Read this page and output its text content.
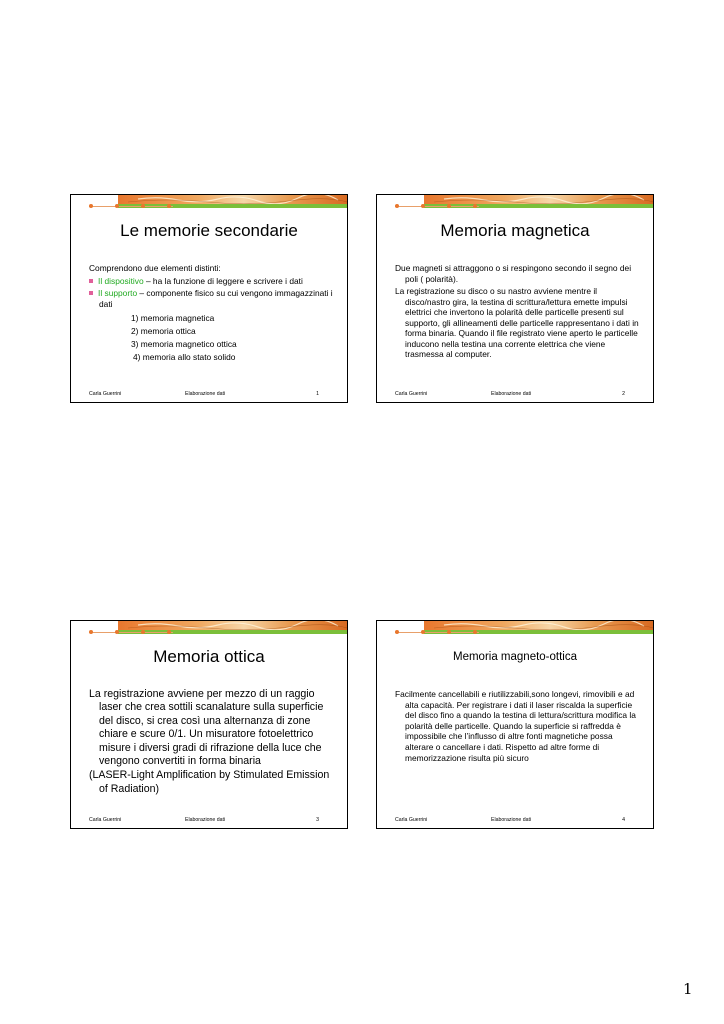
Le memorie secondarie

Comprendono due elementi distinti:

Il dispositivo – ha la funzione di leggere e scrivere i dati

Il supporto – componente fisico su cui vengono immagazzinati i dati

1) memoria magnetica

2) memoria ottica

3) memoria magnetico ottica

4) memoria allo stato solido

Carla Guerrini	Elaborazione dati	1
Memoria magnetica

Due magneti si attraggono o si respingono secondo il segno dei poli ( polarità).

La registrazione su disco o su nastro avviene mentre il disco/nastro gira, la testina di scrittura/lettura emette impulsi elettrici che invertono la polarità delle particelle presenti sul supporto, gli allineamenti delle particelle rappresentano i dati in forma binaria. Quando il file registrato viene aperto le particelle inducono nella testina una corrente elettrica che viene trasmessa al computer.

Carla Guerrini	Elaborazione dati	2
Memoria ottica

La registrazione avviene per mezzo di un raggio laser che crea sottili scanalature sulla superficie del disco, si crea così una alternanza di zone chiare e scure 0/1. Un misuratore fotoelettrico misure i diversi gradi di rifrazione della luce che vengono convertiti in forma binaria

(LASER-Light Amplification by Stimulated Emission of Radiation)

Carla Guerrini	Elaborazione dati	3
Memoria magneto-ottica

Facilmente cancellabili e riutilizzabili,sono longevi, rimovibili e ad alta capacità. Per registrare i dati il laser riscalda la superficie del disco fino a quando la testina di lettura/scrittura modifica la polarità delle particelle. Quando la superficie si raffredda è impossibile che l’influsso di altre fonti magnetiche possa alterare o cancellare i dati. Rispetto ad altre forme di memorizzazione risulta più sicuro

Carla Guerrini	Elaborazione dati	4
1
